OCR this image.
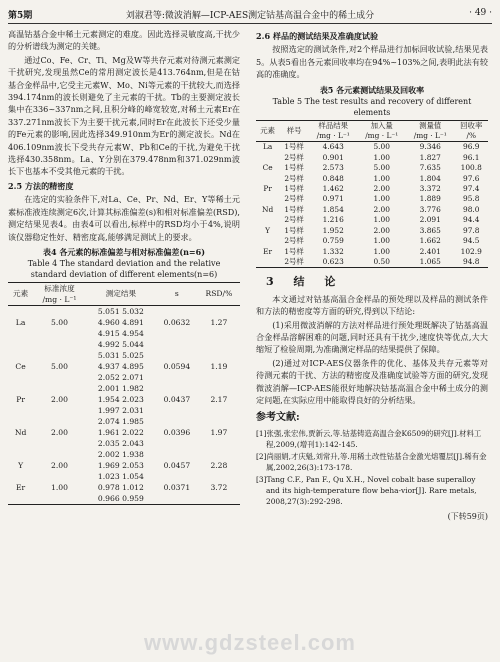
第5期	刘淑君等:微波消解—ICP-AES测定钴基高温合金中的稀土成分	· 49 ·

高温钴基合金中稀土元素测定的难度。因此选择灵敏度高,干扰少的分析谱线为测定的关键。

通过Co、Fe、Cr、Ti、Mg及W等共存元素对待测元素测定干扰研究,发现虽然Ce的常用测定波长是413.764nm,但是在钴基合金样品中,它受主元素W、Mo、Ni等元素的干扰较大,而选择394.174nm的波长则避免了主元素的干扰。Tb的主要测定波长集中在336~337nm之间,且积分峰的峰宽较宽,对稀土元素Er在337.271nm波长下为主要干扰元素,同时Er在此波长下还受少量的Fe元素的影响,因此选择349.910nm为Er的测定波长。Nd在406.109nm波长下受共存元素W、Pb和Ce的干扰,为避免干扰选择430.358nm。La、Y分别在379.478nm和371.029nm波长下也基本不受其他元素的干扰。

2.5 方法的精密度

在选定的实验条件下,对La、Ce、Pr、Nd、Er、Y等稀土元素标准液连续测定6次,计算其标准偏差(s)和相对标准偏差(RSD),测定结果见表4。由表4可以看出,标样中的RSD均小于4%,说明该仪器稳定性好、精密度高,能够满足测试上的要求。

表4 各元素的标准偏差与相对标准偏差(n=6)
Table 4 The standard deviation and the relative
standard deviation of different elements(n=6)
元素	标准浓度
/mg · L⁻¹	测定结果	s	RSD/%
		5.051 5.032		
La	5.00	4.960 4.891	0.0632	1.27
		4.915 4.954		
		4.992 5.044		
		5.031 5.025		
Ce	5.00	4.937 4.895	0.0594	1.19
		2.052 2.071		
		2.001 1.982		
Pr	2.00	1.954 2.023	0.0437	2.17
		1.997 2.031		
		2.074 1.985		
Nd	2.00	1.961 2.022	0.0396	1.97
		2.035 2.043		
		2.002 1.938		
Y	2.00	1.969 2.053	0.0457	2.28
		1.023 1.054		
Er	1.00	0.978 1.012	0.0371	3.72
		0.966 0.959		

2.6 样品的测试结果及准确度试验

按照选定的测试条件,对2个样品进行加标回收试验,结果见表5。从表5看出各元素回收率均在94%~103%之间,表明此法有较高的准确度。

表5 各元素测试结果及回收率
Table 5 The test results and recovery of different
elements
元素	样号	样品结果
/mg · L⁻¹	加入量
/mg · L⁻¹	测量值
/mg · L⁻¹	回收率
/%
La	1号样	4.643	5.00	9.346	96.9
	2号样	0.901	1.00	1.827	96.1
Ce	1号样	2.573	5.00	7.635	100.8
	2号样	0.848	1.00	1.804	97.6
Pr	1号样	1.462	2.00	3.372	97.4
	2号样	0.971	1.00	1.889	95.8
Nd	1号样	1.854	2.00	3.776	98.0
	2号样	1.216	1.00	2.091	94.4
Y	1号样	1.952	2.00	3.865	97.8
	2号样	0.759	1.00	1.662	94.5
Er	1号样	1.332	1.00	2.401	102.9
	2号样	0.623	0.50	1.065	94.8
3 结 论

本文通过对钴基高温合金样品的预处理以及样品的测试条件和方法的精密度等方面的研究,得到以下结论:

(1)采用微波消解的方法对样品进行预处理既解决了钴基高温合金样品溶解困难的问题,同时还具有干扰少,速度快等优点,大大缩短了检验周期,为准确测定样品的结果提供了保障。

(2)通过对ICP-AES仪器条件的优化、基体及共存元素等对待测元素的干扰、方法的精密度及准确度试验等方面的研究,发现微波消解—ICP-AES能很好地解决钴基高温合金中稀土成分的测定问题,在实际应用中能取得良好的分析结果。

参考文献:
[1]张强,张宏伟,贾新云,等.钴基铸造高温合金K6509的研究[J].材料工程,2009,(增刊1):142-145.
[2]尚丽娟,才庆魁,刘常升,等.用稀土改性钴基合金激光熔覆层[J].稀有金属,2002,26(3):173-178.
[3]Tang C.F., Pan F., Qu X.H., Novel cobalt base superalloy and its high-temperature flow beha-vior[J]. Rare metals, 2008,27(3):292-298.
(下转59页)
www.gdzsteel.com
